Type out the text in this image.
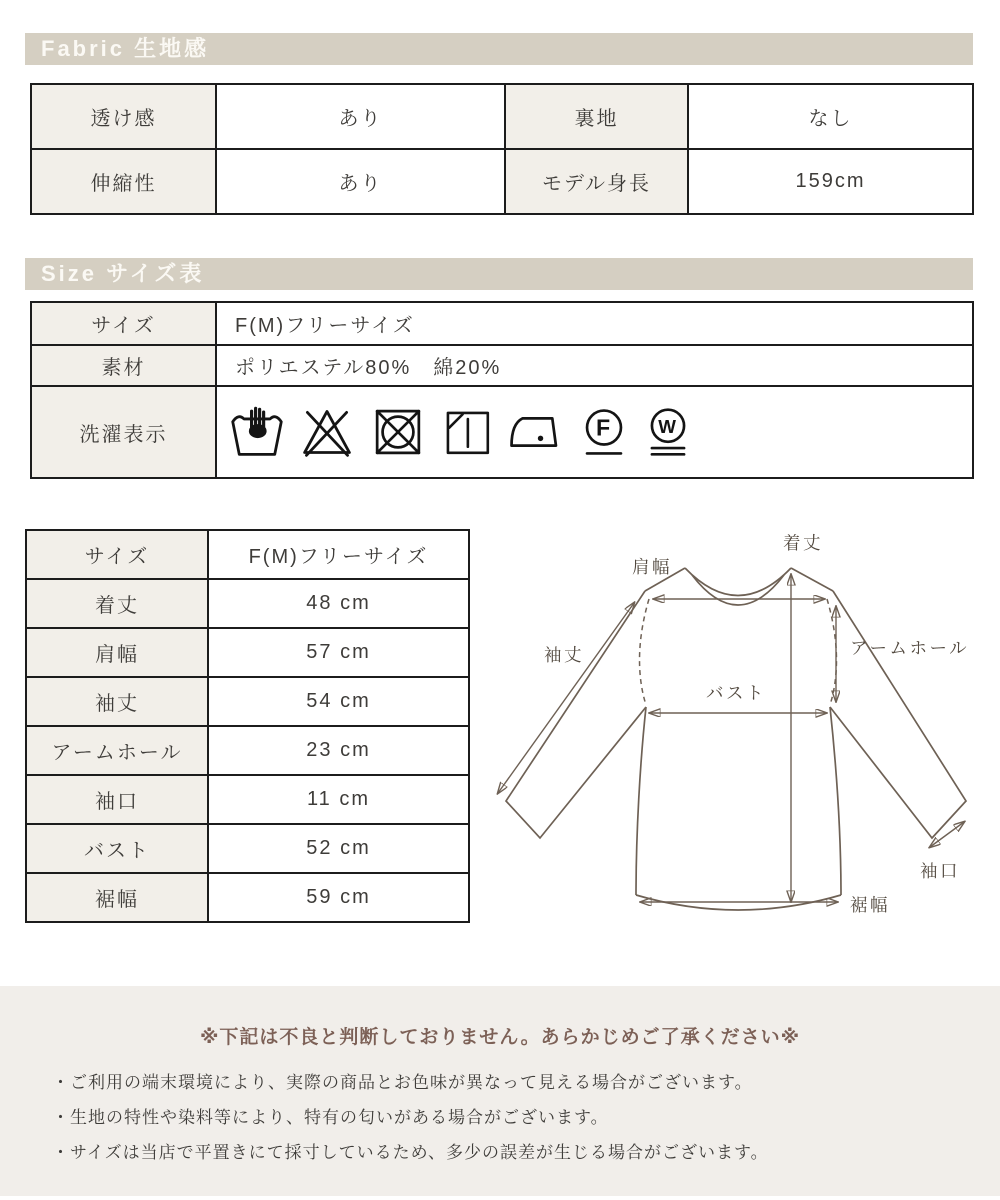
Fabric 生地感
透け感	あり	裏地	なし
伸縮性	あり	モデル身長	159cm
Size サイズ表
サイズ	F(M)フリーサイズ
素材	ポリエステル80%　綿20%
洗濯表示	F W
サイズ	F(M)フリーサイズ
着丈	48 cm
肩幅	57 cm
袖丈	54 cm
アームホール	23 cm
袖口	11 cm
バスト	52 cm
裾幅	59 cm
肩幅
着丈
袖丈	アームホール
バスト
袖口
裾幅
※下記は不良と判断しておりません。あらかじめご了承ください※

・ご利用の端末環境により、実際の商品とお色味が異なって見える場合がございます。

・生地の特性や染料等により、特有の匂いがある場合がございます。

・サイズは当店で平置きにて採寸しているため、多少の誤差が生じる場合がございます。
